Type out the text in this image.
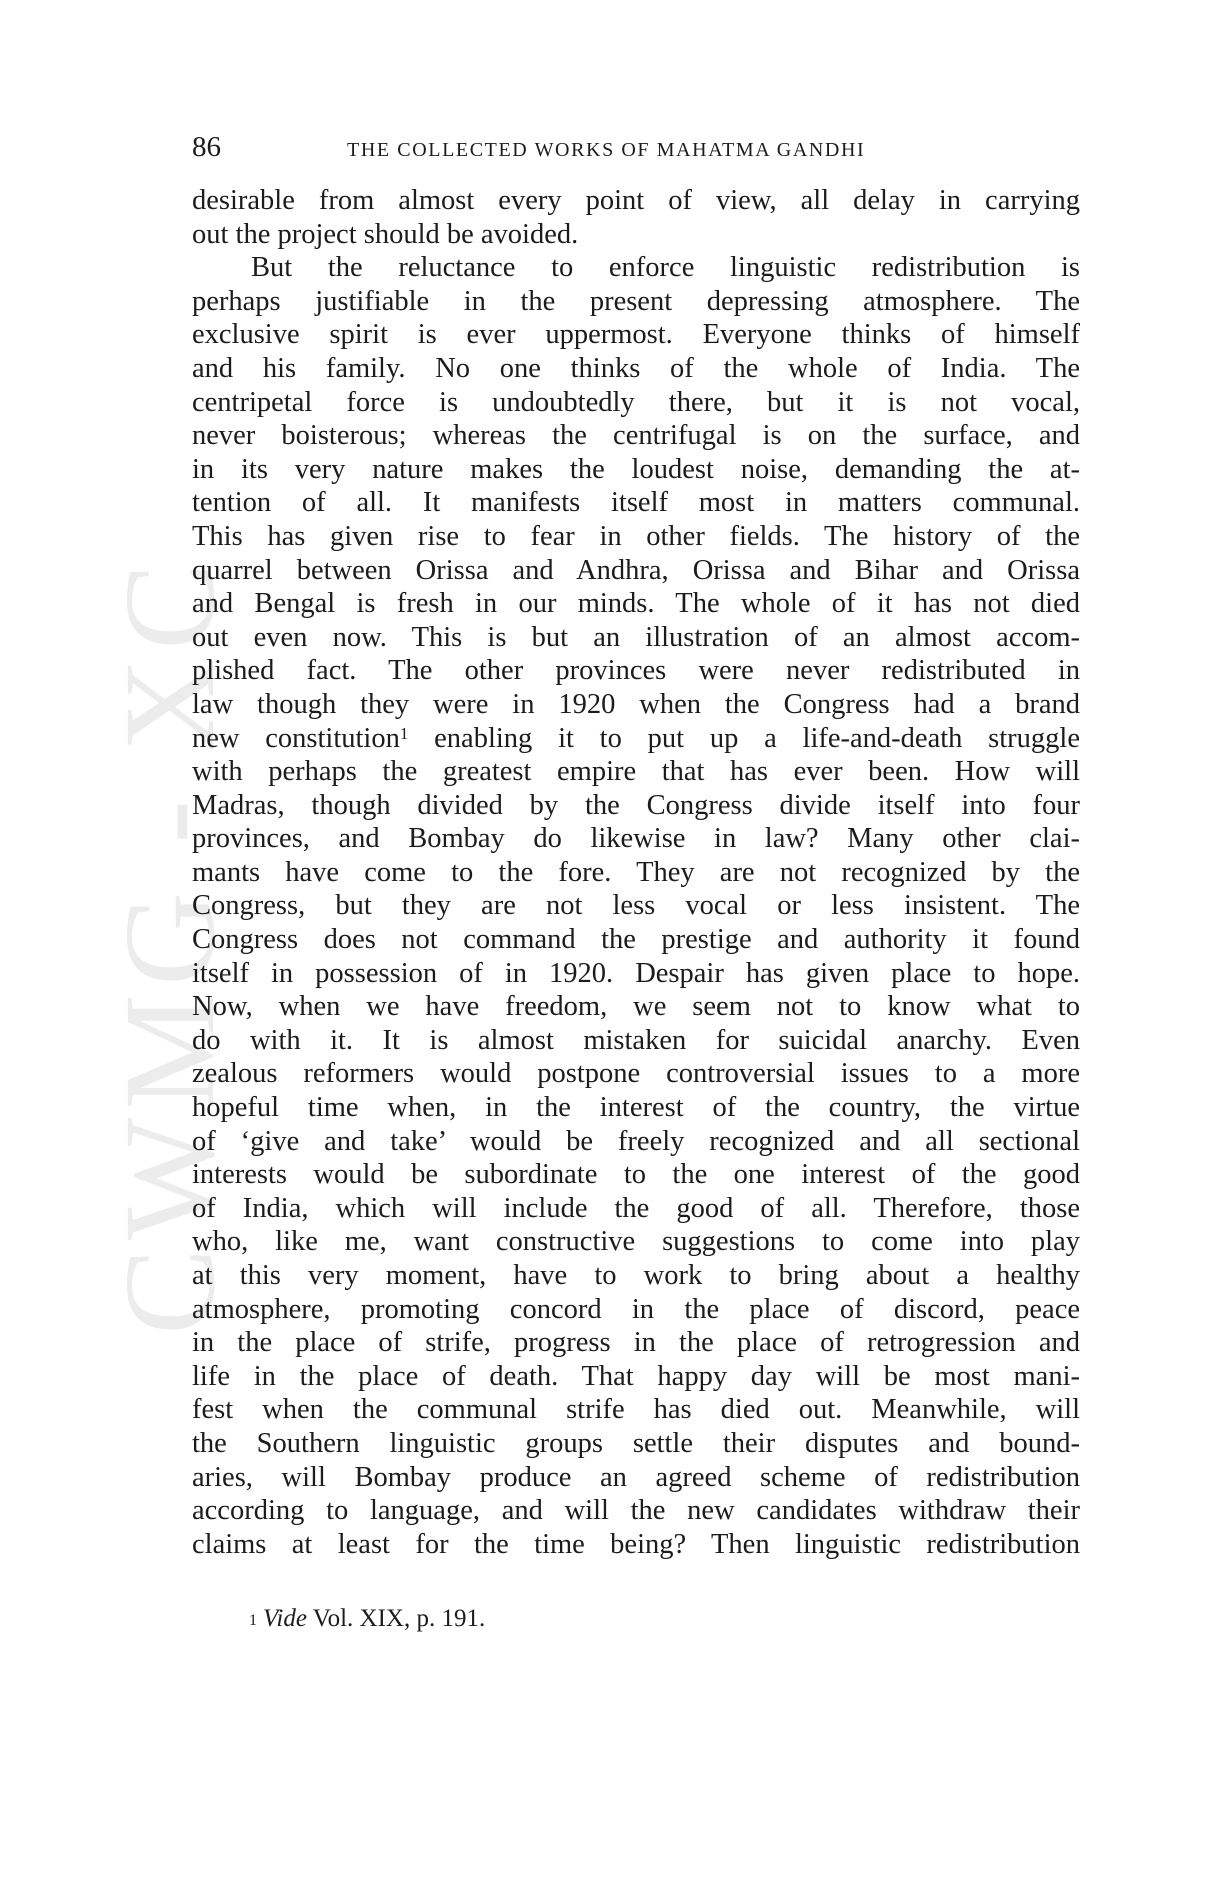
CWMG - XC
86	THE COLLECTED WORKS OF MAHATMA GANDHI
desirable from almost every point of view, all delay in carrying
out the project should be avoided.
But the reluctance to enforce linguistic redistribution is
perhaps justifiable in the present depressing atmosphere. The
exclusive spirit is ever uppermost. Everyone thinks of himself
and his family. No one thinks of the whole of India. The
centripetal force is undoubtedly there, but it is not vocal,
never boisterous; whereas the centrifugal is on the surface, and
in its very nature makes the loudest noise, demanding the at-
tention of all. It manifests itself most in matters communal.
This has given rise to fear in other fields. The history of the
quarrel between Orissa and Andhra, Orissa and Bihar and Orissa
and Bengal is fresh in our minds. The whole of it has not died
out even now. This is but an illustration of an almost accom-
plished fact. The other provinces were never redistributed in
law though they were in 1920 when the Congress had a brand
new constitution$^1$ enabling it to put up a life-and-death struggle
with perhaps the greatest empire that has ever been. How will
Madras, though divided by the Congress divide itself into four
provinces, and Bombay do likewise in law? Many other clai-
mants have come to the fore. They are not recognized by the
Congress, but they are not less vocal or less insistent. The
Congress does not command the prestige and authority it found
itself in possession of in 1920. Despair has given place to hope.
Now, when we have freedom, we seem not to know what to
do with it. It is almost mistaken for suicidal anarchy. Even
zealous reformers would postpone controversial issues to a more
hopeful time when, in the interest of the country, the virtue
of ‘give and take’ would be freely recognized and all sectional
interests would be subordinate to the one interest of the good
of India, which will include the good of all. Therefore, those
who, like me, want constructive suggestions to come into play
at this very moment, have to work to bring about a healthy
atmosphere, promoting concord in the place of discord, peace
in the place of strife, progress in the place of retrogression and
life in the place of death. That happy day will be most mani-
fest when the communal strife has died out. Meanwhile, will
the Southern linguistic groups settle their disputes and bound-
aries, will Bombay produce an agreed scheme of redistribution
according to language, and will the new candidates withdraw their
claims at least for the time being? Then linguistic redistribution
$^1$ Vide Vol. XIX, p. 191.
